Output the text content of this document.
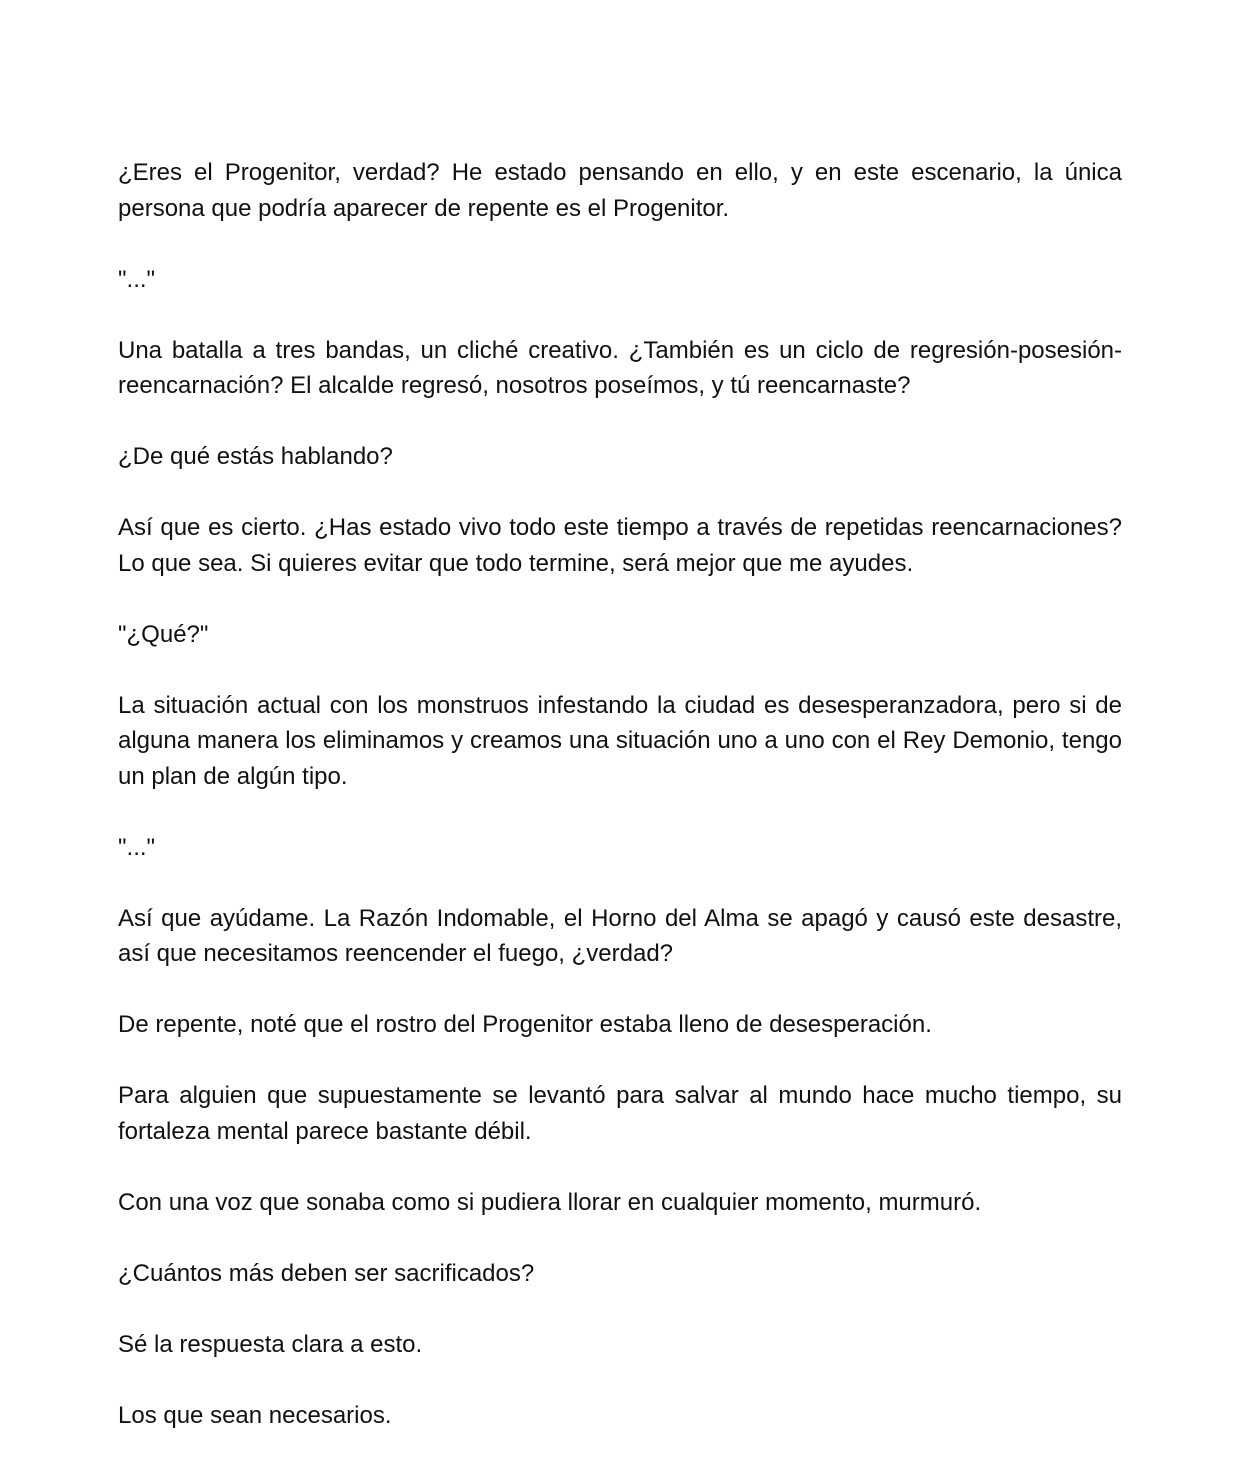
¿Eres el Progenitor, verdad? He estado pensando en ello, y en este escenario, la única persona que podría aparecer de repente es el Progenitor.

"..."

Una batalla a tres bandas, un cliché creativo. ¿También es un ciclo de regresión-posesión-reencarnación? El alcalde regresó, nosotros poseímos, y tú reencarnaste?

¿De qué estás hablando?

Así que es cierto. ¿Has estado vivo todo este tiempo a través de repetidas reencarnaciones? Lo que sea. Si quieres evitar que todo termine, será mejor que me ayudes.

"¿Qué?"

La situación actual con los monstruos infestando la ciudad es desesperanzadora, pero si de alguna manera los eliminamos y creamos una situación uno a uno con el Rey Demonio, tengo un plan de algún tipo.

"..."

Así que ayúdame. La Razón Indomable, el Horno del Alma se apagó y causó este desastre, así que necesitamos reencender el fuego, ¿verdad?

De repente, noté que el rostro del Progenitor estaba lleno de desesperación.

Para alguien que supuestamente se levantó para salvar al mundo hace mucho tiempo, su fortaleza mental parece bastante débil.

Con una voz que sonaba como si pudiera llorar en cualquier momento, murmuró.

¿Cuántos más deben ser sacrificados?

Sé la respuesta clara a esto.

Los que sean necesarios.
